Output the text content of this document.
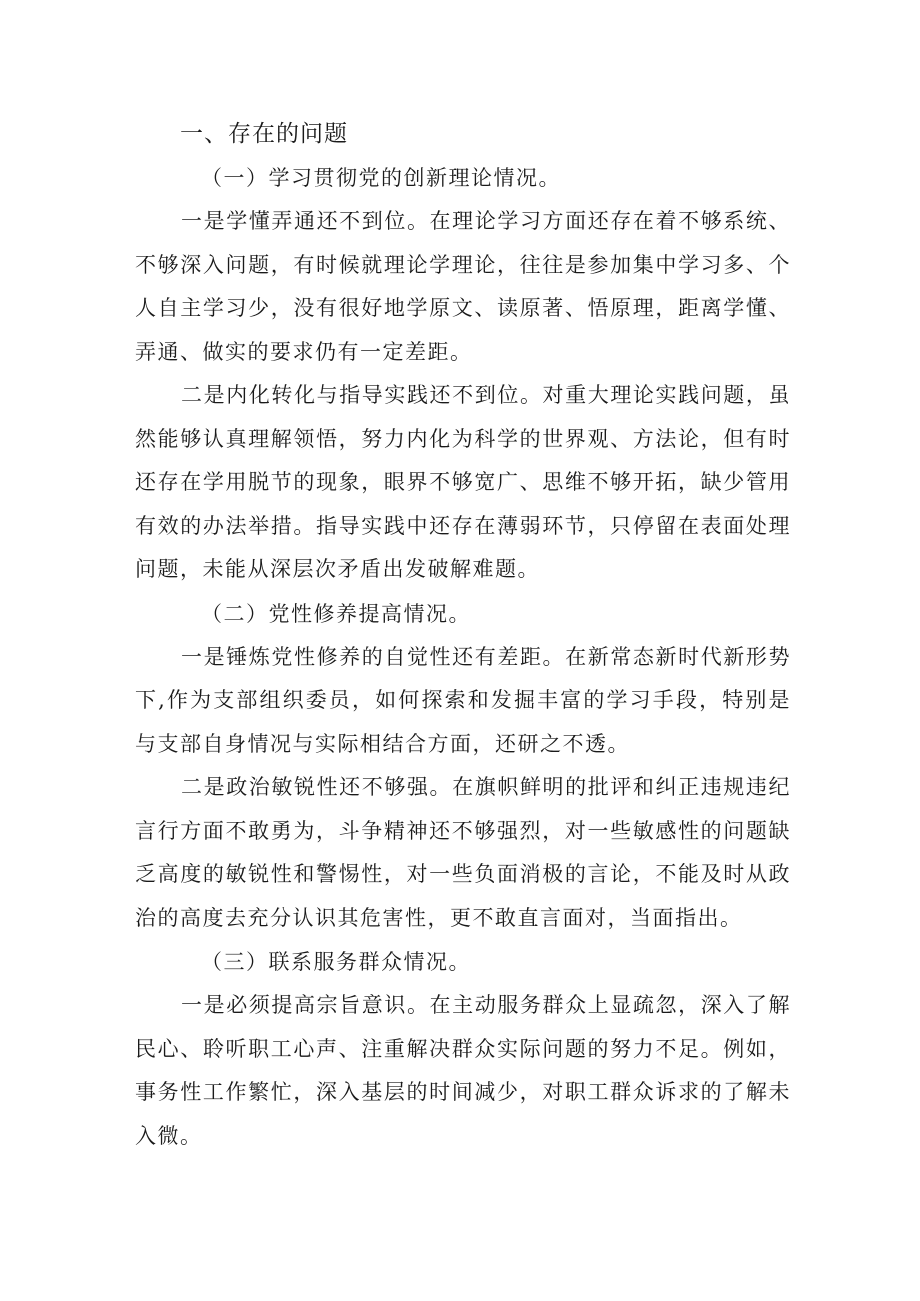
一、存在的问题

（一）学习贯彻党的创新理论情况。

一是学懂弄通还不到位。在理论学习方面还存在着不够系统、不够深入问题，有时候就理论学理论，往往是参加集中学习多、个人自主学习少，没有很好地学原文、读原著、悟原理，距离学懂、弄通、做实的要求仍有一定差距。

二是内化转化与指导实践还不到位。对重大理论实践问题，虽然能够认真理解领悟，努力内化为科学的世界观、方法论，但有时还存在学用脱节的现象，眼界不够宽广、思维不够开拓，缺少管用有效的办法举措。指导实践中还存在薄弱环节，只停留在表面处理问题，未能从深层次矛盾出发破解难题。

（二）党性修养提高情况。

一是锤炼党性修养的自觉性还有差距。在新常态新时代新形势下,作为支部组织委员，如何探索和发掘丰富的学习手段，特别是与支部自身情况与实际相结合方面，还研之不透。

二是政治敏锐性还不够强。在旗帜鲜明的批评和纠正违规违纪言行方面不敢勇为，斗争精神还不够强烈，对一些敏感性的问题缺乏高度的敏锐性和警惕性，对一些负面消极的言论，不能及时从政治的高度去充分认识其危害性，更不敢直言面对，当面指出。

（三）联系服务群众情况。

一是必须提高宗旨意识。在主动服务群众上显疏忽，深入了解民心、聆听职工心声、注重解决群众实际问题的努力不足。例如，事务性工作繁忙，深入基层的时间减少，对职工群众诉求的了解未入微。
